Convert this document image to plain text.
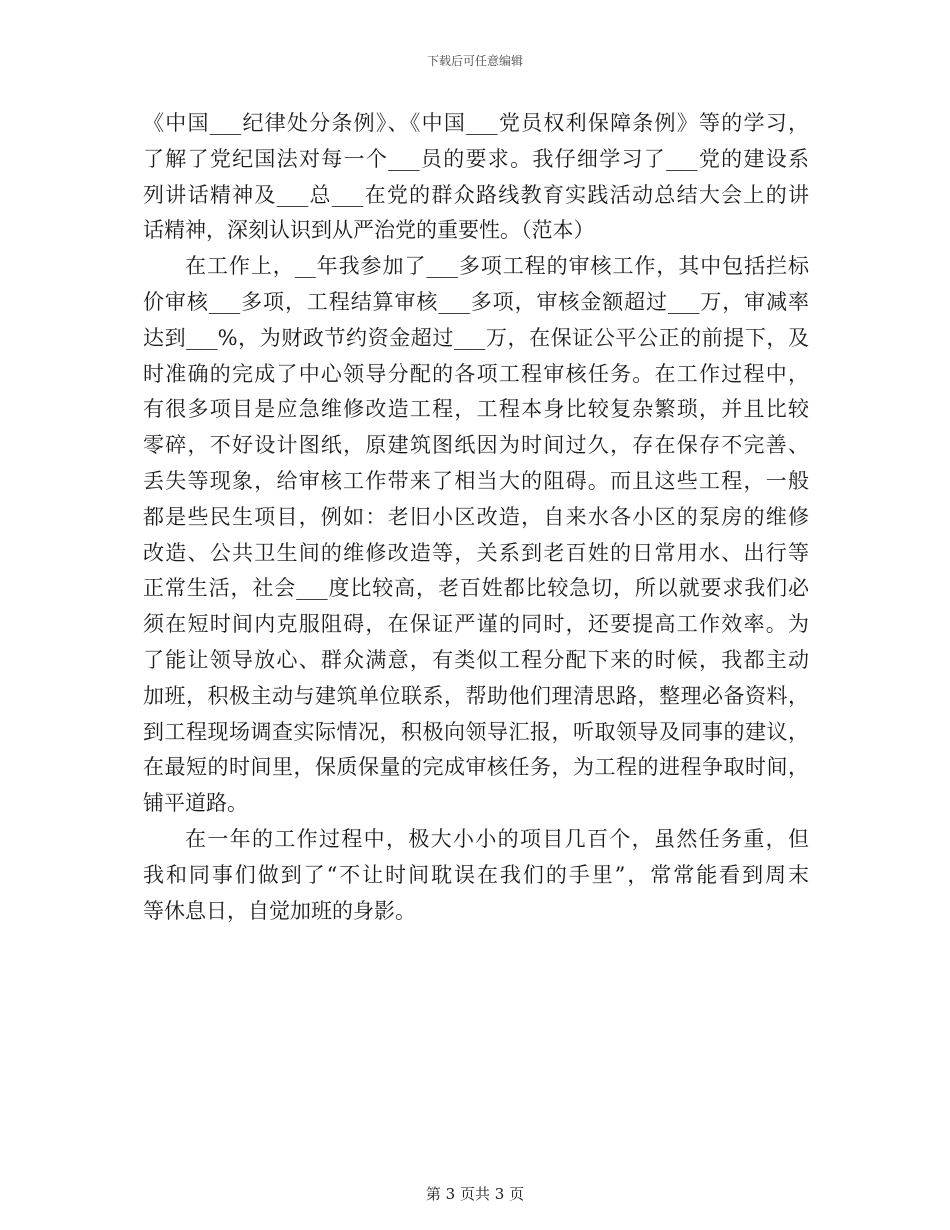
下载后可任意编辑
《中国___纪律处分条例》、《中国___党员权利保障条例》等的学习，
了解了党纪国法对每一个___员的要求。我仔细学习了___党的建设系
列讲话精神及___总___在党的群众路线教育实践活动总结大会上的讲
话精神，深刻认识到从严治党的重要性。（范本）
在工作上，__年我参加了___多项工程的审核工作，其中包括拦标
价审核___多项，工程结算审核___多项，审核金额超过___万，审减率
达到___%，为财政节约资金超过___万，在保证公平公正的前提下，及
时准确的完成了中心领导分配的各项工程审核任务。在工作过程中，
有很多项目是应急维修改造工程，工程本身比较复杂繁琐，并且比较
零碎，不好设计图纸，原建筑图纸因为时间过久，存在保存不完善、
丢失等现象，给审核工作带来了相当大的阻碍。而且这些工程，一般
都是些民生项目，例如：老旧小区改造，自来水各小区的泵房的维修
改造、公共卫生间的维修改造等，关系到老百姓的日常用水、出行等
正常生活，社会___度比较高，老百姓都比较急切，所以就要求我们必
须在短时间内克服阻碍，在保证严谨的同时，还要提高工作效率。为
了能让领导放心、群众满意，有类似工程分配下来的时候，我都主动
加班，积极主动与建筑单位联系，帮助他们理清思路，整理必备资料，
到工程现场调查实际情况，积极向领导汇报，听取领导及同事的建议，
在最短的时间里，保质保量的完成审核任务，为工程的进程争取时间，
铺平道路。
在一年的工作过程中，极大小小的项目几百个，虽然任务重，但
我和同事们做到了“不让时间耽误在我们的手里”，常常能看到周末
等休息日，自觉加班的身影。
第 3 页共 3 页
